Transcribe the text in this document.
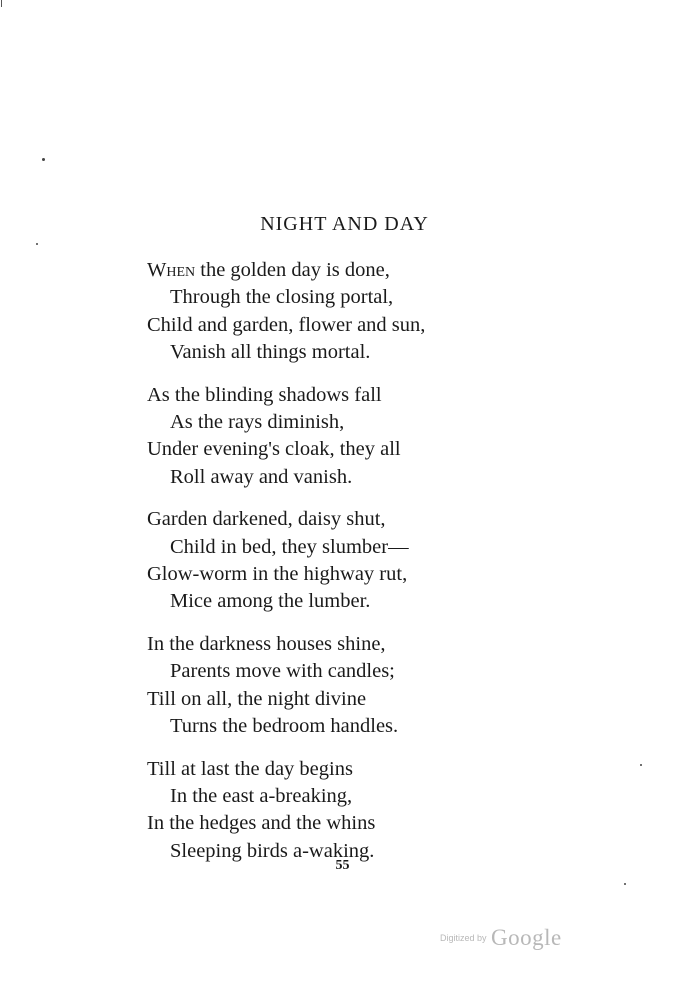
NIGHT AND DAY
When the golden day is done,
Through the closing portal,
Child and garden, flower and sun,
Vanish all things mortal.
As the blinding shadows fall
As the rays diminish,
Under evening's cloak, they all
Roll away and vanish.
Garden darkened, daisy shut,
Child in bed, they slumber—
Glow-worm in the highway rut,
Mice among the lumber.
In the darkness houses shine,
Parents move with candles;
Till on all, the night divine
Turns the bedroom handles.
Till at last the day begins
In the east a-breaking,
In the hedges and the whins
Sleeping birds a-waking.
55
Digitized by Google
